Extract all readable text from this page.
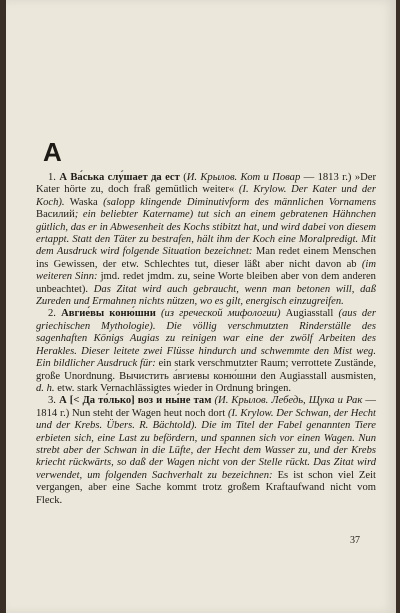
A

1. А Ва́ська слу́шает да ест (И. Крылов. Кот и Повар — 1813 г.) »Der Kater hörte zu, doch fraß gemütlich weiter« (I. Krylow. Der Kater und der Koch). Waska (salopp klingende Diminutivform des männlichen Vornamens Василий; ein beliebter Katername) tut sich an einem gebratenen Hähnchen gütlich, das er in Abwesenheit des Kochs stibitzt hat, und wird dabei von diesem ertappt. Statt den Täter zu bestrafen, hält ihm der Koch eine Moralpredigt. Mit dem Ausdruck wird folgende Situation bezeichnet: Man redet einem Menschen ins Gewissen, der etw. Schlechtes tut, dieser läßt aber nicht davon ab (im weiteren Sinn: jmd. redet jmdm. zu, seine Worte bleiben aber von dem anderen unbeachtet). Das Zitat wird auch gebraucht, wenn man betonen will, daß Zureden und Ermahnen nichts nützen, wo es gilt, energisch einzugreifen.

2. Авгие́вы коню́шни (из греческой мифологии) Augiasstall (aus der griechischen Mythologie). Die völlig verschmutzten Rinderställe des sagenhaften Königs Augias zu reinigen war eine der zwölf Arbeiten des Herakles. Dieser leitete zwei Flüsse hindurch und schwemmte den Mist weg. Ein bildlicher Ausdruck für: ein stark verschmutzter Raum; verrottete Zustände, große Unordnung. Вычистить а́вгиевы коню́шни den Augiasstall ausmisten, d. h. etw. stark Vernachlässigtes wieder in Ordnung bringen.

3. А [< Да то́лько] воз и ны́не там (И. Крылов. Лебедь, Щука и Рак — 1814 г.) Nun steht der Wagen heut noch dort (I. Krylow. Der Schwan, der Hecht und der Krebs. Übers. R. Bächtold). Die im Titel der Fabel genannten Tiere erbieten sich, eine Last zu befördern, und spannen sich vor einen Wagen. Nun strebt aber der Schwan in die Lüfte, der Hecht dem Wasser zu, und der Krebs kriecht rückwärts, so daß der Wagen nicht von der Stelle rückt. Das Zitat wird verwendet, um folgenden Sachverhalt zu bezeichnen: Es ist schon viel Zeit vergangen, aber eine Sache kommt trotz großem Kraftaufwand nicht vom Fleck.

37
